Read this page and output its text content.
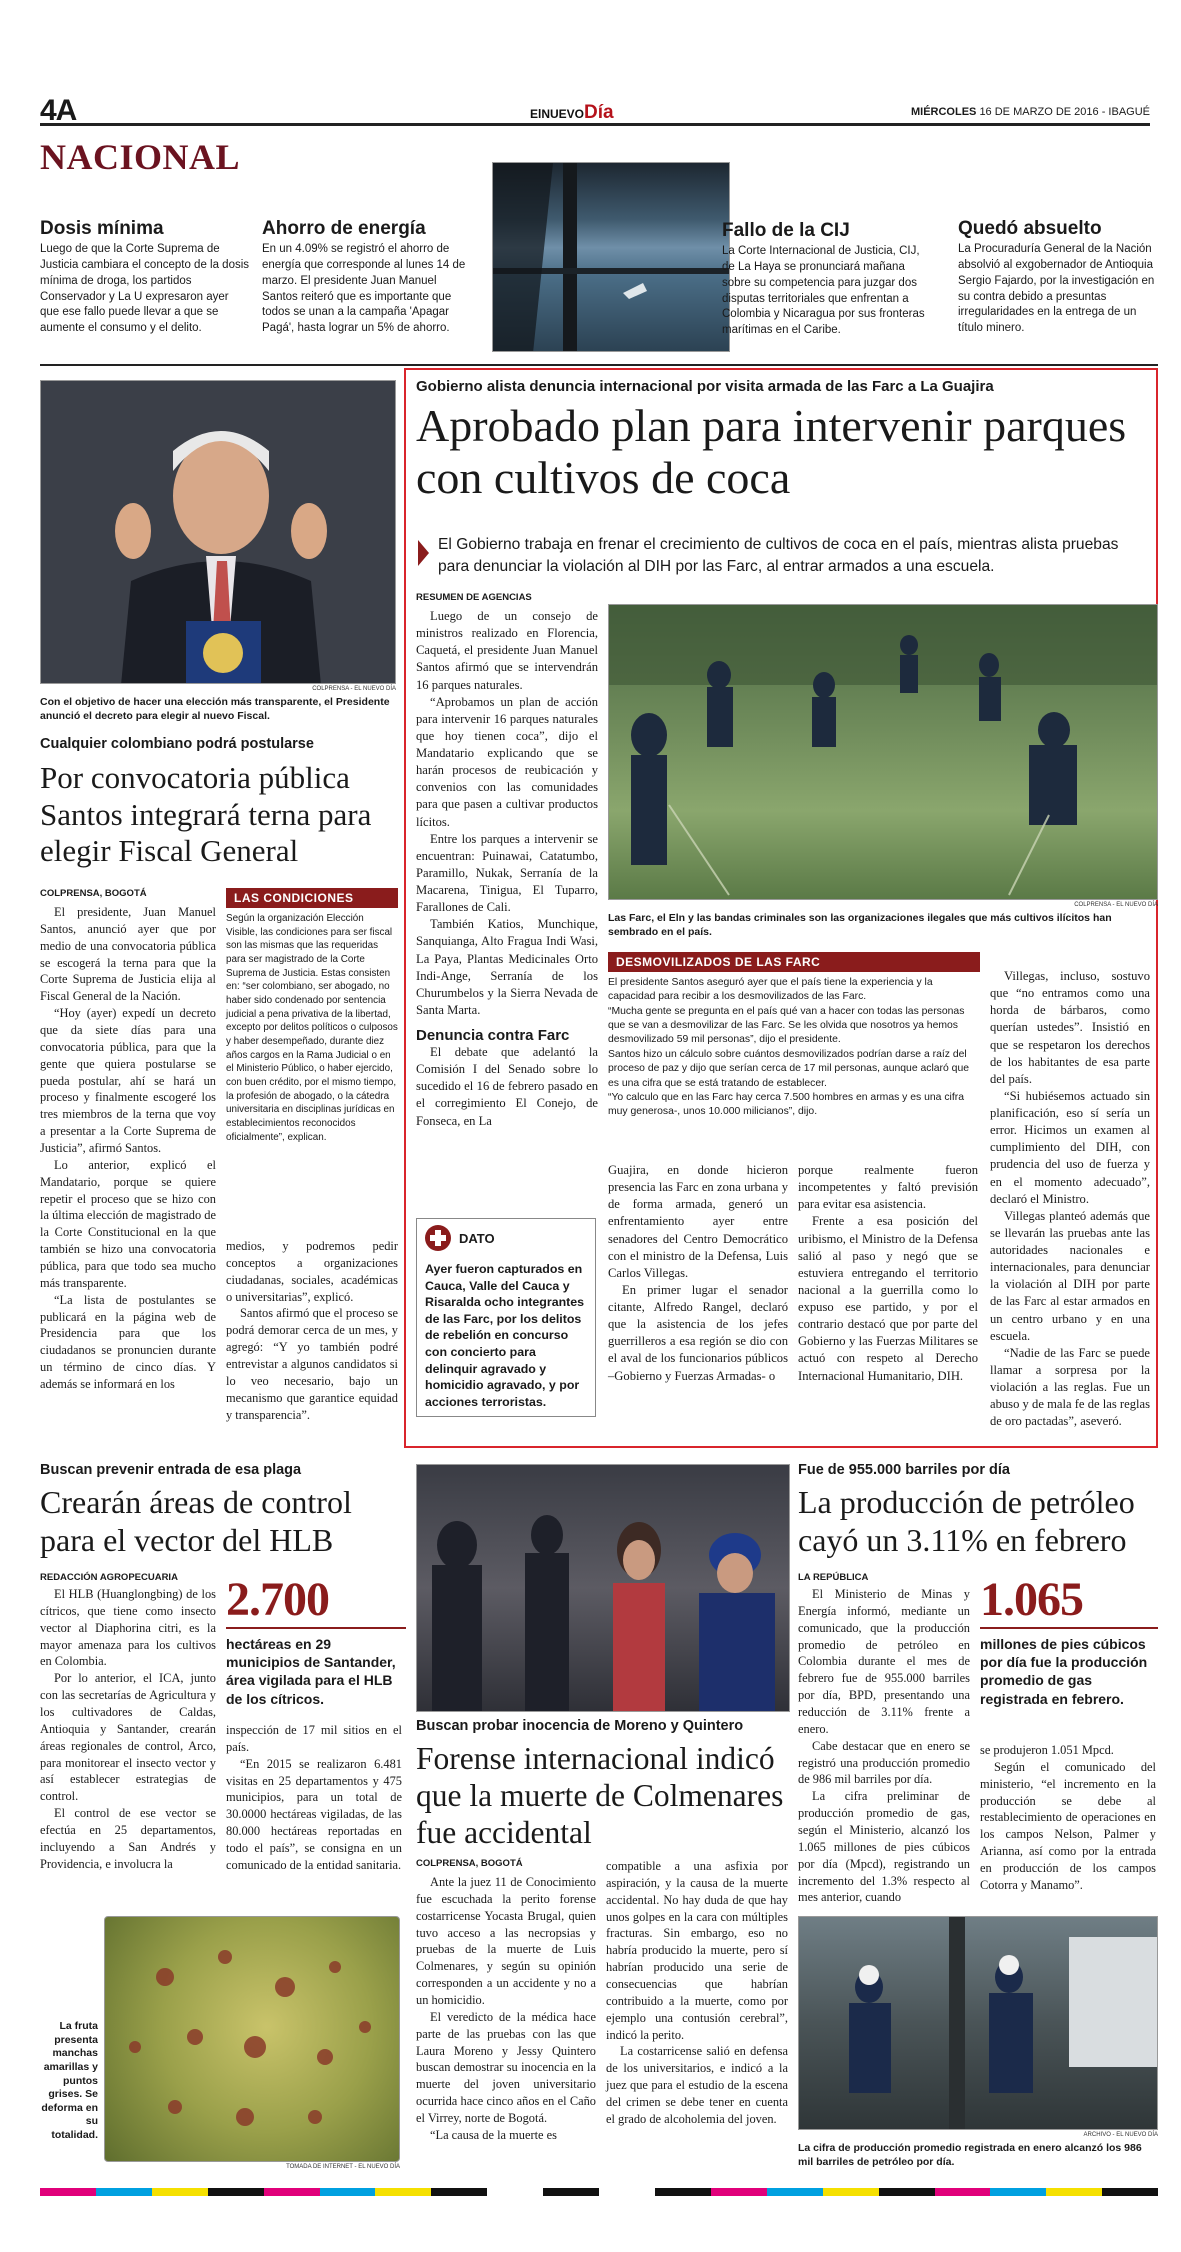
4A	ElNUEVODía	MIÉRCOLES 16 DE MARZO DE 2016 - IBAGUÉ
NACIONAL
Dosis mínima
Luego de que la Corte Suprema de Justicia cambiara el concepto de la dosis mínima de droga, los partidos Conservador y La U expresaron ayer que ese fallo puede llevar a que se aumente el consumo y el delito.
Ahorro de energía
En un 4.09% se registró el ahorro de energía que corresponde al lunes 14 de marzo. El presidente Juan Manuel Santos reiteró que es importante que todos se unan a la campaña 'Apagar Pagá', hasta lograr un 5% de ahorro.
Fallo de la CIJ
La Corte Internacional de Justicia, CIJ, de La Haya se pronunciará mañana sobre su competencia para juzgar dos disputas territoriales que enfrentan a Colombia y Nicaragua por sus fronteras marítimas en el Caribe.
Quedó absuelto
La Procuraduría General de la Nación absolvió al exgobernador de Antioquia Sergio Fajardo, por la investigación en su contra debido a presuntas irregularidades en la entrega de un título minero.
COLPRENSA - EL NUEVO DÍA
Con el objetivo de hacer una elección más transparente, el Presidente anunció el decreto para elegir al nuevo Fiscal.
Cualquier colombiano podrá postularse
Por convocatoria pública Santos integrará terna para elegir Fiscal General
COLPRENSA, BOGOTÁ

El presidente, Juan Manuel Santos, anunció ayer que por medio de una convocatoria pública se escogerá la terna para que la Corte Suprema de Justicia elija al Fiscal General de la Nación.

“Hoy (ayer) expedí un decreto que da siete días para una convocatoria pública, para que la gente que quiera postularse se pueda postular, ahí se hará un proceso y finalmente escogeré los tres miembros de la terna que voy a presentar a la Corte Suprema de Justicia”, afirmó Santos.

Lo anterior, explicó el Mandatario, porque se quiere repetir el proceso que se hizo con la última elección de magistrado de la Corte Constitucional en la que también se hizo una convocatoria pública, para que todo sea mucho más transparente.

“La lista de postulantes se publicará en la página web de Presidencia para que los ciudadanos se pronuncien durante un término de cinco días. Y además se informará en los

LAS CONDICIONES
Según la organización Elección Visible, las condiciones para ser fiscal son las mismas que las requeridas para ser magistrado de la Corte Suprema de Justicia. Estas consisten en: “ser colombiano, ser abogado, no haber sido condenado por sentencia judicial a pena privativa de la libertad, excepto por delitos políticos o culposos y haber desempeñado, durante diez años cargos en la Rama Judicial o en el Ministerio Público, o haber ejercido, con buen crédito, por el mismo tiempo, la profesión de abogado, o la cátedra universitaria en disciplinas jurídicas en establecimientos reconocidos oficialmente”, explican.

medios, y podremos pedir conceptos a organizaciones ciudadanas, sociales, académicas o universitarias”, explicó.

Santos afirmó que el proceso se podrá demorar cerca de un mes, y agregó: “Y yo también podré entrevistar a algunos candidatos si lo veo necesario, bajo un mecanismo que garantice equidad y transparencia”.

Gobierno alista denuncia internacional por visita armada de las Farc a La Guajira
Aprobado plan para intervenir parques con cultivos de coca
El Gobierno trabaja en frenar el crecimiento de cultivos de coca en el país, mientras alista pruebas para denunciar la violación al DIH por las Farc, al entrar armados a una escuela.
RESUMEN DE AGENCIAS

Luego de un consejo de ministros realizado en Florencia, Caquetá, el presidente Juan Manuel Santos afirmó que se intervendrán 16 parques naturales.

“Aprobamos un plan de acción para intervenir 16 parques naturales que hoy tienen coca”, dijo el Mandatario explicando que se harán procesos de reubicación y convenios con las comunidades para que pasen a cultivar productos lícitos.

Entre los parques a intervenir se encuentran: Puinawai, Catatumbo, Paramillo, Nukak, Serranía de la Macarena, Tinigua, El Tuparro, Farallones de Cali.

También Katios, Munchique, Sanquianga, Alto Fragua Indi Wasi, La Paya, Plantas Medicinales Orto Indi-Ange, Serranía de los Churumbelos y la Sierra Nevada de Santa Marta.

Denuncia contra Farc

El debate que adelantó la Comisión I del Senado sobre lo sucedido el 16 de febrero pasado en el corregimiento El Conejo, de Fonseca, en La

DATO
Ayer fueron capturados en Cauca, Valle del Cauca y Risaralda ocho integrantes de las Farc, por los delitos de rebelión en concurso con concierto para delinquir agravado y homicidio agravado, y por acciones terroristas.
COLPRENSA - EL NUEVO DÍA
Las Farc, el Eln y las bandas criminales son las organizaciones ilegales que más cultivos ilícitos han sembrado en el país.
DESMOVILIZADOS DE LAS FARC
El presidente Santos aseguró ayer que el país tiene la experiencia y la capacidad para recibir a los desmovilizados de las Farc.
“Mucha gente se pregunta en el país qué van a hacer con todas las personas que se van a desmovilizar de las Farc. Se les olvida que nosotros ya hemos desmovilizado 59 mil personas”, dijo el presidente.
Santos hizo un cálculo sobre cuántos desmovilizados podrían darse a raíz del proceso de paz y dijo que serían cerca de 17 mil personas, aunque aclaró que es una cifra que se está tratando de establecer.
“Yo calculo que en las Farc hay cerca 7.500 hombres en armas y es una cifra muy generosa-, unos 10.000 milicianos”, dijo.

Guajira, en donde hicieron presencia las Farc en zona urbana y de forma armada, generó un enfrentamiento ayer entre senadores del Centro Democrático con el ministro de la Defensa, Luis Carlos Villegas.

En primer lugar el senador citante, Alfredo Rangel, declaró que la asistencia de los jefes guerrilleros a esa región se dio con el aval de los funcionarios públicos –Gobierno y Fuerzas Armadas- o

porque realmente fueron incompetentes y faltó previsión para evitar esa asistencia.

Frente a esa posición del uribismo, el Ministro de la Defensa salió al paso y negó que se estuviera entregando el territorio nacional a la guerrilla como lo expuso ese partido, y por el contrario destacó que por parte del Gobierno y las Fuerzas Militares se actuó con respeto al Derecho Internacional Humanitario, DIH.

Villegas, incluso, sostuvo que “no entramos como una horda de bárbaros, como querían ustedes”. Insistió en que se respetaron los derechos de los habitantes de esa parte del país.

“Si hubiésemos actuado sin planificación, eso sí sería un error. Hicimos un examen al cumplimiento del DIH, con prudencia del uso de fuerza y en el momento adecuado”, declaró el Ministro.

Villegas planteó además que se llevarán las pruebas ante las autoridades nacionales e internacionales, para denunciar la violación al DIH por parte de las Farc al estar armados en un centro urbano y en una escuela.

“Nadie de las Farc se puede llamar a sorpresa por la violación a las reglas. Fue un abuso y de mala fe de las reglas de oro pactadas”, aseveró.

Buscan prevenir entrada de esa plaga
Crearán áreas de control para el vector del HLB
REDACCIÓN AGROPECUARIA

El HLB (Huanglongbing) de los cítricos, que tiene como insecto vector al Diaphorina citri, es la mayor amenaza para los cultivos en Colombia.

Por lo anterior, el ICA, junto con las secretarías de Agricultura y los cultivadores de Caldas, Antioquia y Santander, crearán áreas regionales de control, Arco, para monitorear el insecto vector y así establecer estrategias de control.

El control de ese vector se efectúa en 25 departamentos, incluyendo a San Andrés y Providencia, e involucra la

2.700
hectáreas en 29 municipios de Santander, área vigilada para el HLB de los cítricos.

inspección de 17 mil sitios en el país.

“En 2015 se realizaron 6.481 visitas en 25 departamentos y 475 municipios, para un total de 30.0000 hectáreas vigiladas, de las 80.000 hectáreas reportadas en todo el país”, se consigna en un comunicado de la entidad sanitaria.

La fruta presenta manchas amarillas y puntos grises. Se deforma en su totalidad.
TOMADA DE INTERNET - EL NUEVO DÍA
Buscan probar inocencia de Moreno y Quintero
Forense internacional indicó que la muerte de Colmenares fue accidental
COLPRENSA, BOGOTÁ

Ante la juez 11 de Conocimiento fue escuchada la perito forense costarricense Yocasta Brugal, quien tuvo acceso a las necropsias y pruebas de la muerte de Luis Colmenares, y según su opinión corresponden a un accidente y no a un homicidio.

El veredicto de la médica hace parte de las pruebas con las que Laura Moreno y Jessy Quintero buscan demostrar su inocencia en la muerte del joven universitario ocurrida hace cinco años en el Caño el Virrey, norte de Bogotá.

“La causa de la muerte es

compatible a una asfixia por aspiración, y la causa de la muerte accidental. No hay duda de que hay unos golpes en la cara con múltiples fracturas. Sin embargo, eso no habría producido la muerte, pero sí habrían producido una serie de consecuencias que habrían contribuido a la muerte, como por ejemplo una contusión cerebral”, indicó la perito.

La costarricense salió en defensa de los universitarios, e indicó a la juez que para el estudio de la escena del crimen se debe tener en cuenta el grado de alcoholemia del joven.

Fue de 955.000 barriles por día
La producción de petróleo cayó un 3.11% en febrero
LA REPÚBLICA

El Ministerio de Minas y Energía informó, mediante un comunicado, que la producción promedio de petróleo en Colombia durante el mes de febrero fue de 955.000 barriles por día, BPD, presentando una reducción de 3.11% frente a enero.

Cabe destacar que en enero se registró una producción promedio de 986 mil barriles por día.

La cifra preliminar de producción promedio de gas, según el Ministerio, alcanzó los 1.065 millones de pies cúbicos por día (Mpcd), registrando un incremento del 1.3% respecto al mes anterior, cuando

1.065
millones de pies cúbicos por día fue la producción promedio de gas registrada en febrero.

se produjeron 1.051 Mpcd.

Según el comunicado del ministerio, “el incremento en la producción se debe al restablecimiento de operaciones en los campos Nelson, Palmer y Arianna, así como por la entrada en producción de los campos Cotorra y Manamo”.

ARCHIVO - EL NUEVO DÍA
La cifra de producción promedio registrada en enero alcanzó los 986 mil barriles de petróleo por día.
